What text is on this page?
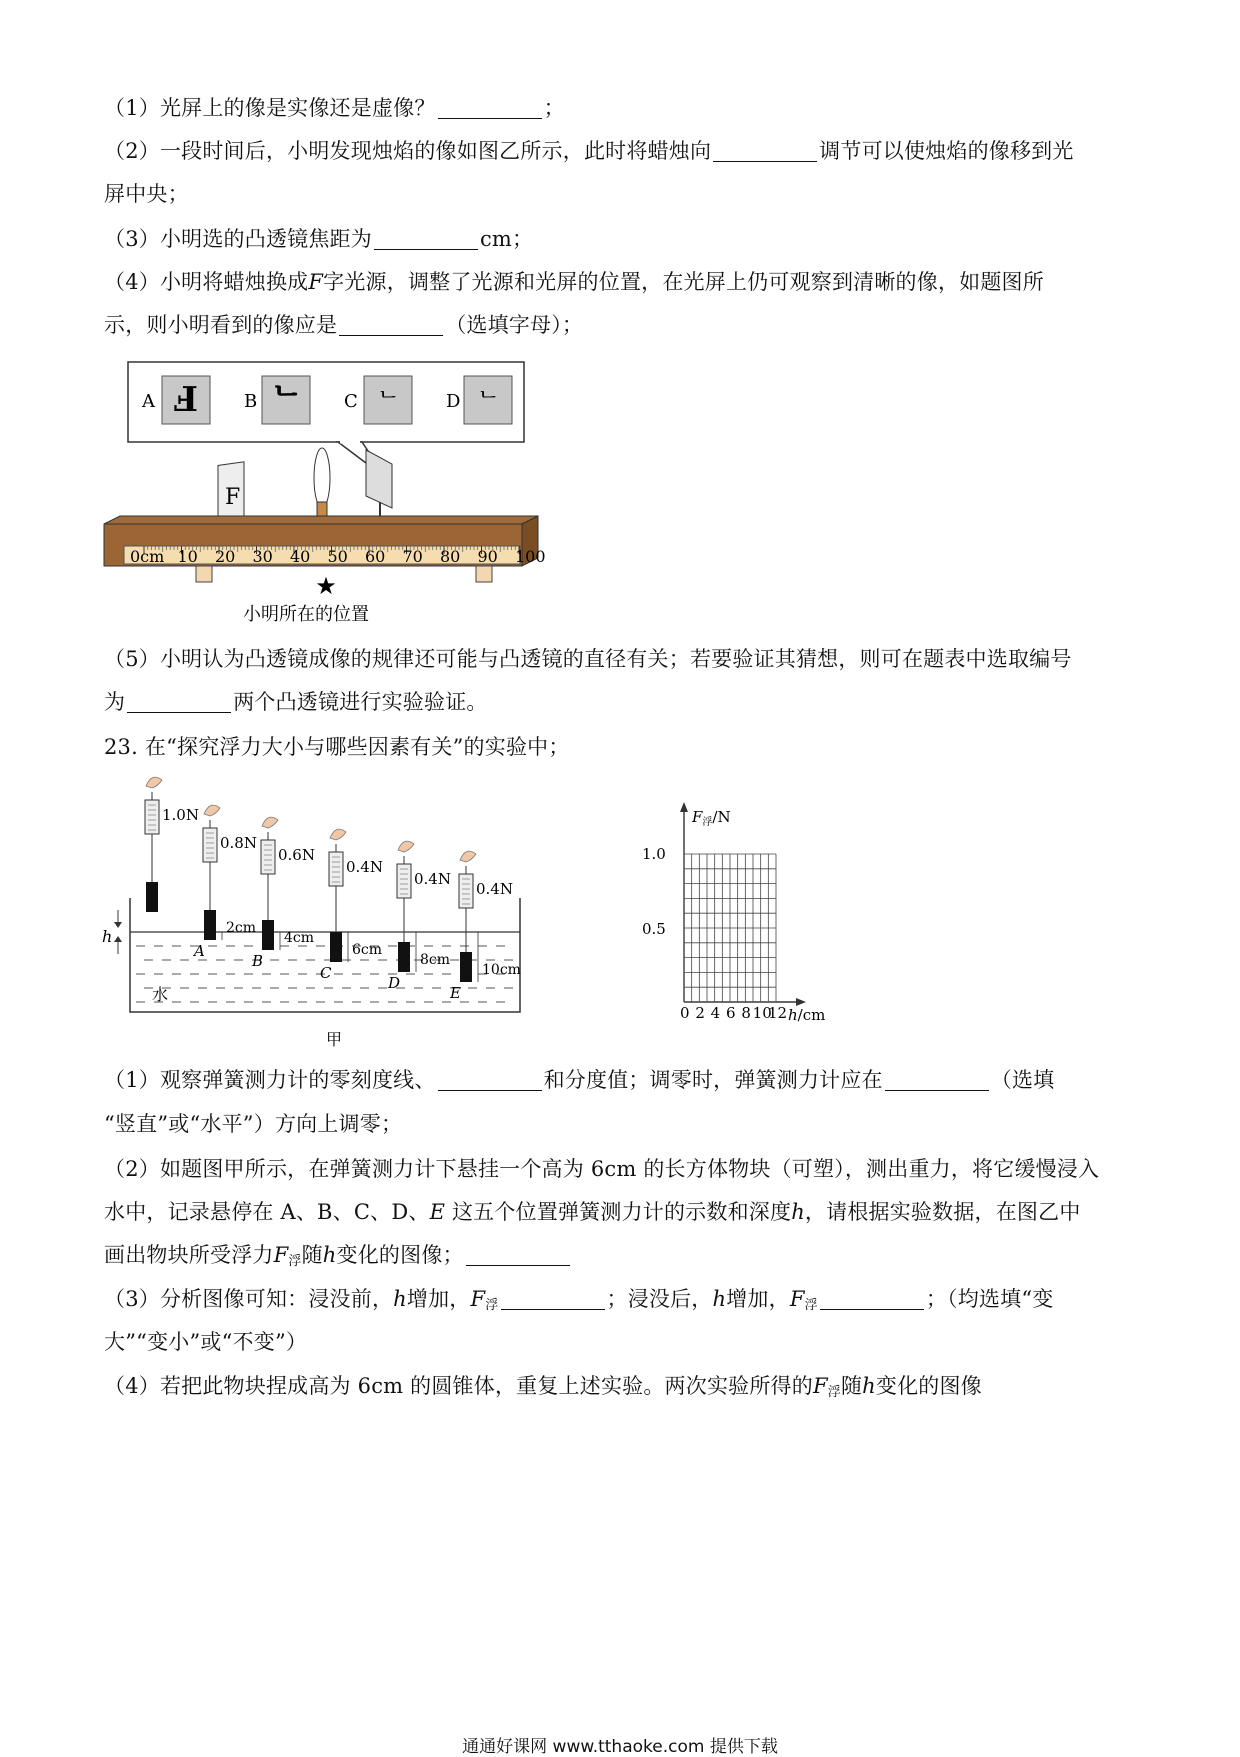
（1）光屏上的像是实像还是虚像？	；
（2）一段时间后，小明发现烛焰的像如图乙所示，此时将蜡烛向	调节可以使烛焰的像移到光
屏中央；
（3）小明选的凸透镜焦距为	cm；
（4）小明将蜡烛换成F字光源，调整了光源和光屏的位置，在光屏上仍可观察到清晰的像，如题图所
示，则小明看到的像应是	（选填字母）；
A Ⅎ	B ᄂ C ᄂ	D ᄂ
F
0cm 10 20 30 40 50 60 70 80 90 100
★
小明所在的位置
（5）小明认为凸透镜成像的规律还可能与凸透镜的直径有关；若要验证其猜想，则可在题表中选取编号
为	两个凸透镜进行实验验证。
23. 在“探究浮力大小与哪些因素有关”的实验中；
水
h
1.0N
0.8N
2cm
A
0.6N
4cm
B
0.4N
6cm
C
0.4N
8cm
D
0.4N
10cm
E
甲
$F_浮/N$
1.0
0.5
0 2 4 6 8 10
12 h/cm
（1）观察弹簧测力计的零刻度线、	和分度值；调零时，弹簧测力计应在	（选填
“竖直”或“水平”）方向上调零；
（2）如题图甲所示，在弹簧测力计下悬挂一个高为 6cm 的长方体物块（可塑），测出重力，将它缓慢浸入
水中，记录悬停在 A、B、C、D、E 这五个位置弹簧测力计的示数和深度h，请根据实验数据，在图乙中
画出物块所受浮力$F_浮$随h变化的图像；
（3）分析图像可知：浸没前，h增加，$F_浮$	；浸没后，h增加，$F_浮$	；（均选填“变
大”“变小”或“不变”）
（4）若把此物块捏成高为 6cm 的圆锥体，重复上述实验。两次实验所得的$F_浮$随h变化的图像
通通好课网 www.tthaoke.com 提供下载
